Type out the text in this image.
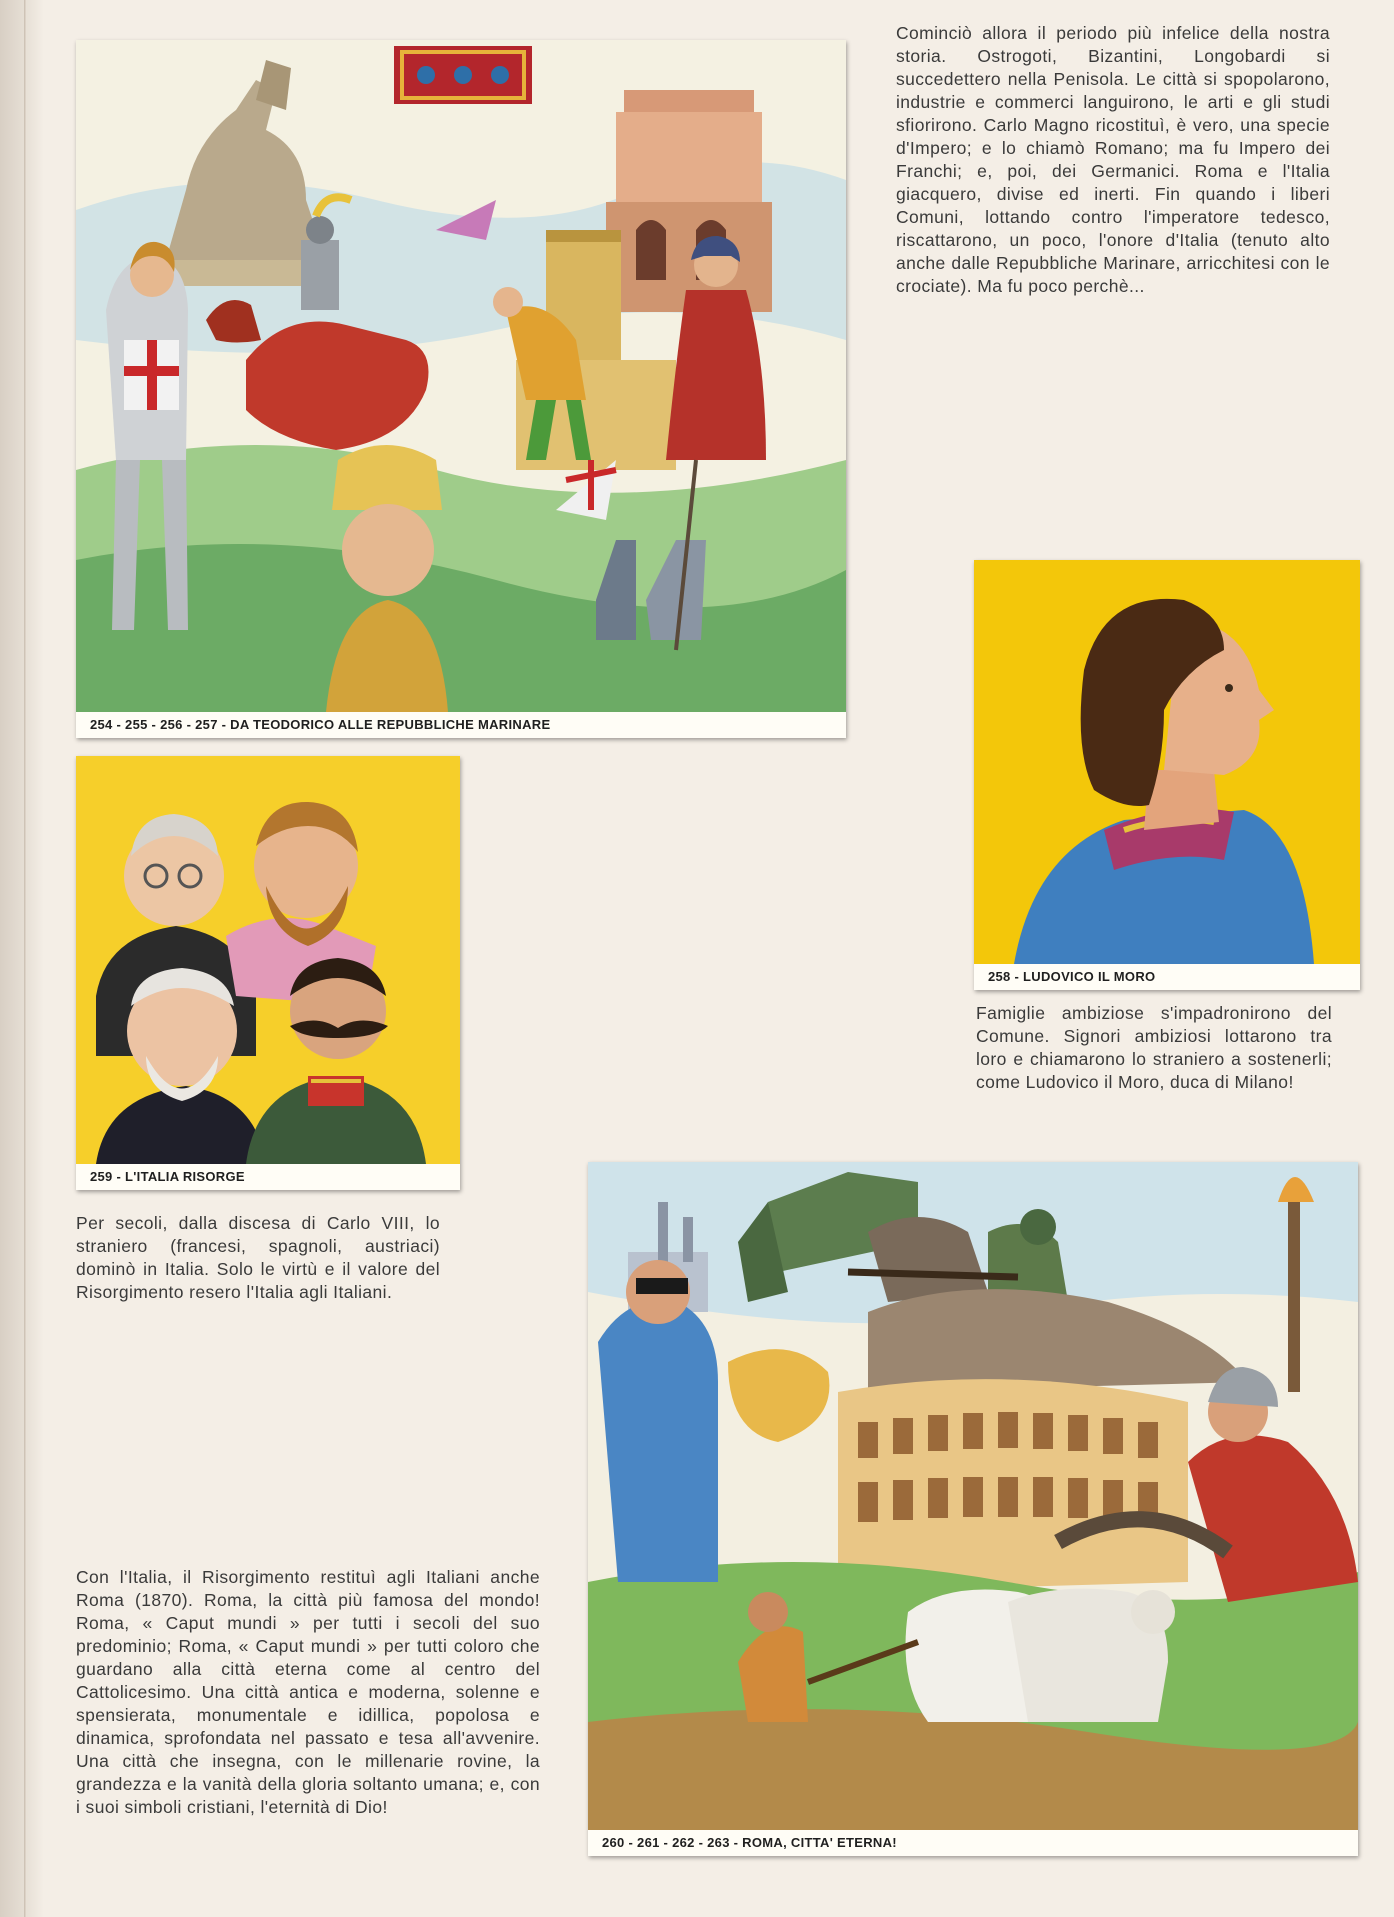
254 - 255 - 256 - 257 - DA TEODORICO ALLE REPUBBLICHE MARINARE

Cominciò allora il periodo più infelice della nostra storia. Ostrogoti, Bizantini, Longobardi si succedettero nella Penisola. Le città si spopolarono, industrie e commerci languirono, le arti e gli studi sfiorirono. Carlo Magno ricostituì, è vero, una specie d'Impero; e lo chiamò Romano; ma fu Impero dei Franchi; e, poi, dei Germanici. Roma e l'Italia giacquero, divise ed inerti. Fin quando i liberi Comuni, lottando contro l'imperatore tedesco, riscattarono, un poco, l'onore d'Italia (tenuto alto anche dalle Repubbliche Marinare, arricchitesi con le crociate). Ma fu poco perchè...

258 - LUDOVICO IL MORO

Famiglie ambiziose s'impadronirono del Comune. Signori ambiziosi lottarono tra loro e chiamarono lo straniero a sostenerli; come Ludovico il Moro, duca di Milano!

259 - L'ITALIA RISORGE

Per secoli, dalla discesa di Carlo VIII, lo straniero (francesi, spagnoli, austriaci) dominò in Italia. Solo le virtù e il valore del Risorgimento resero l'Italia agli Italiani.

260 - 261 - 262 - 263 - ROMA, CITTA' ETERNA!

Con l'Italia, il Risorgimento restituì agli Italiani anche Roma (1870). Roma, la città più famosa del mondo! Roma, « Caput mundi » per tutti i secoli del suo predominio; Roma, « Caput mundi » per tutti coloro che guardano alla città eterna come al centro del Cattolicesimo. Una città antica e moderna, solenne e spensierata, monumentale e idillica, popolosa e dinamica, sprofondata nel passato e tesa all'avvenire. Una città che insegna, con le millenarie rovine, la grandezza e la vanità della gloria soltanto umana; e, con i suoi simboli cristiani, l'eternità di Dio!
